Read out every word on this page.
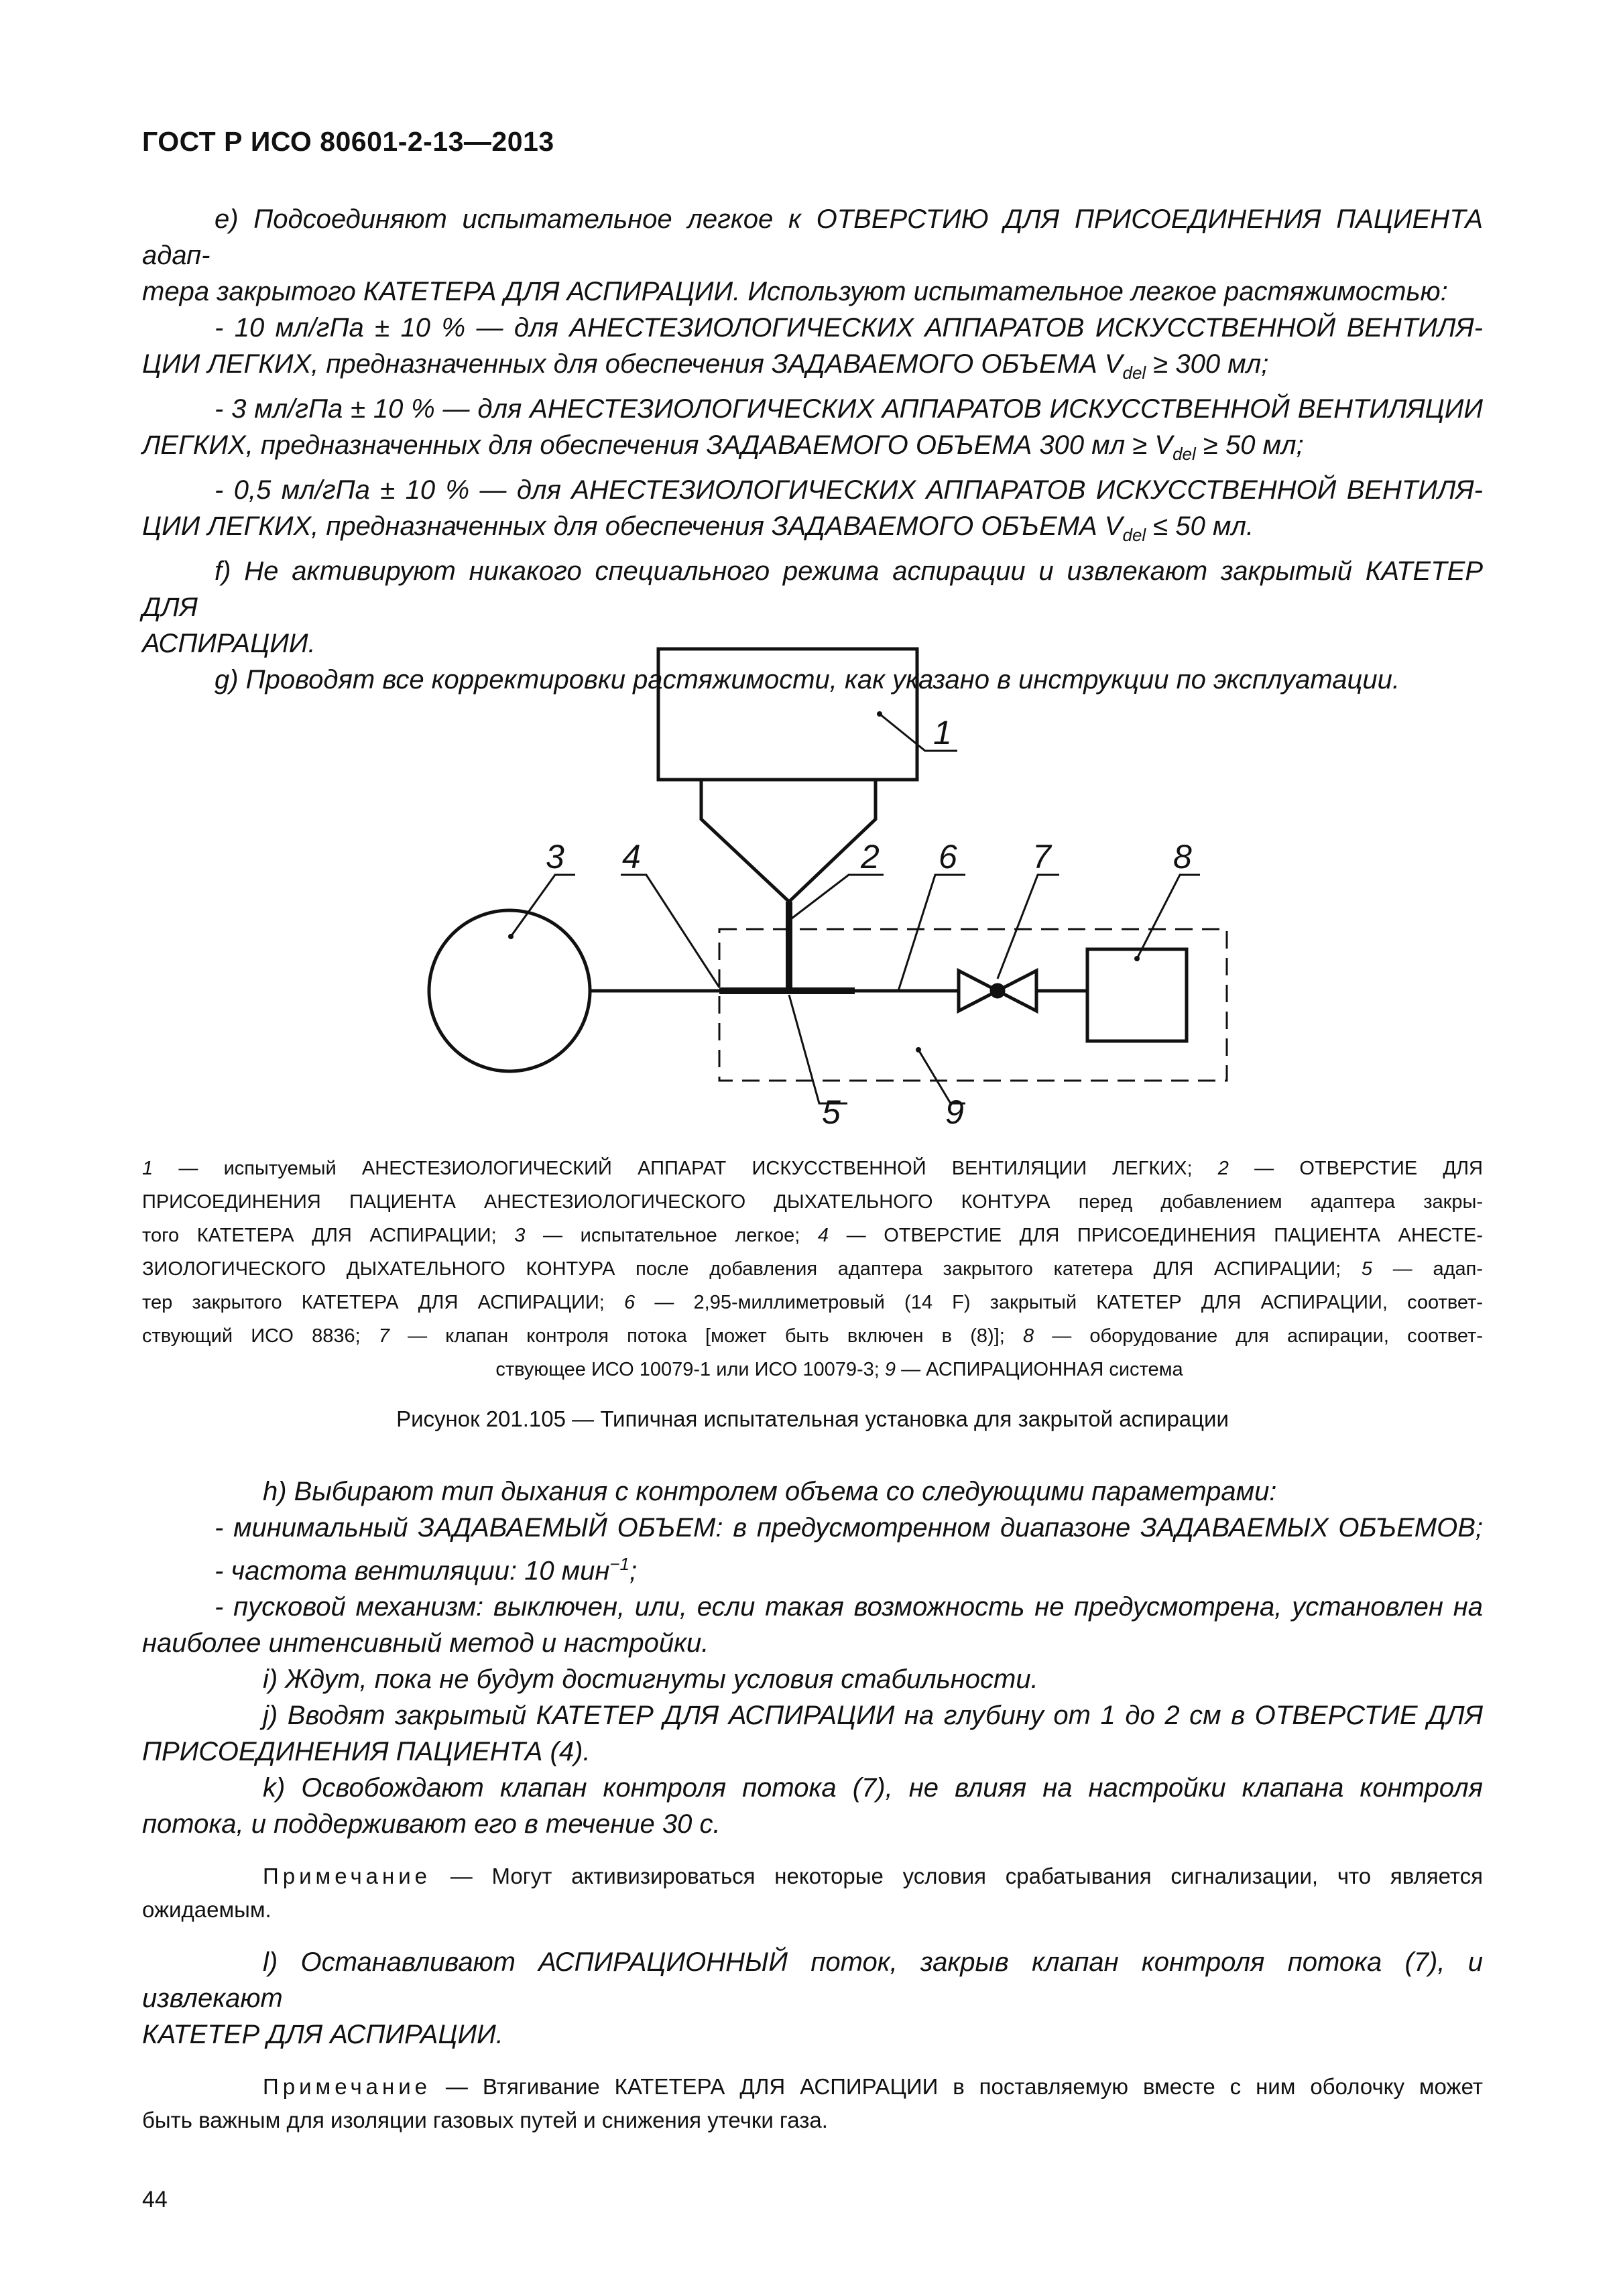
ГОСТ Р ИСО 80601-2-13—2013

е) Подсоединяют испытательное легкое к ОТВЕРСТИЮ ДЛЯ ПРИСОЕДИНЕНИЯ ПАЦИЕНТА адап-

тера закрытого КАТЕТЕРА ДЛЯ АСПИРАЦИИ. Используют испытательное легкое растяжимостью:

- 10 мл/гПа ± 10 % — для АНЕСТЕЗИОЛОГИЧЕСКИХ АППАРАТОВ ИСКУССТВЕННОЙ ВЕНТИЛЯ-

ЦИИ ЛЕГКИХ, предназначенных для обеспечения ЗАДАВАЕМОГО ОБЪЕМА $V_{del} \ge 300$ мл;

- 3 мл/гПа ± 10 % — для АНЕСТЕЗИОЛОГИЧЕСКИХ АППАРАТОВ ИСКУССТВЕННОЙ ВЕНТИЛЯЦИИ

ЛЕГКИХ, предназначенных для обеспечения ЗАДАВАЕМОГО ОБЪЕМА 300 мл ≥ $V_{del} \ge 50$ мл;

- 0,5 мл/гПа ± 10 % — для АНЕСТЕЗИОЛОГИЧЕСКИХ АППАРАТОВ ИСКУССТВЕННОЙ ВЕНТИЛЯ-

ЦИИ ЛЕГКИХ, предназначенных для обеспечения ЗАДАВАЕМОГО ОБЪЕМА $V_{del} \le 50$ мл.

f) Не активируют никакого специального режима аспирации и извлекают закрытый КАТЕТЕР ДЛЯ

АСПИРАЦИИ.

g) Проводят все корректировки растяжимости, как указано в инструкции по эксплуатации.

1
2
3 4
5
6 7	8
9

1 — испытуемый АНЕСТЕЗИОЛОГИЧЕСКИЙ АППАРАТ ИСКУССТВЕННОЙ ВЕНТИЛЯЦИИ ЛЕГКИХ; 2 — ОТВЕРСТИЕ ДЛЯ

ПРИСОЕДИНЕНИЯ ПАЦИЕНТА АНЕСТЕЗИОЛОГИЧЕСКОГО ДЫХАТЕЛЬНОГО КОНТУРА перед добавлением адаптера закры-

того КАТЕТЕРА ДЛЯ АСПИРАЦИИ; 3 — испытательное легкое; 4 — ОТВЕРСТИЕ ДЛЯ ПРИСОЕДИНЕНИЯ ПАЦИЕНТА АНЕСТЕ-

ЗИОЛОГИЧЕСКОГО ДЫХАТЕЛЬНОГО КОНТУРА после добавления адаптера закрытого катетера ДЛЯ АСПИРАЦИИ; 5 — адап-

тер закрытого КАТЕТЕРА ДЛЯ АСПИРАЦИИ; 6 — 2,95-миллиметровый (14 F) закрытый КАТЕТЕР ДЛЯ АСПИРАЦИИ, соответ-

ствующий ИСО 8836; 7 — клапан контроля потока [может быть включен в (8)]; 8 — оборудование для аспирации, соответ-

ствующее ИСО 10079-1 или ИСО 10079-3; 9 — АСПИРАЦИОННАЯ система

Рисунок 201.105 — Типичная испытательная установка для закрытой аспирации

h) Выбирают тип дыхания с контролем объема со следующими параметрами:

- минимальный ЗАДАВАЕМЫЙ ОБЪЕМ: в предусмотренном диапазоне ЗАДАВАЕМЫХ ОБЪЕМОВ;

- частота вентиляции: 10 мин$^{-1}$;

- пусковой механизм: выключен, или, если такая возможность не предусмотрена, установлен на

наиболее интенсивный метод и настройки.

i) Ждут, пока не будут достигнуты условия стабильности.

j) Вводят закрытый КАТЕТЕР ДЛЯ АСПИРАЦИИ на глубину от 1 до 2 см в ОТВЕРСТИЕ ДЛЯ

ПРИСОЕДИНЕНИЯ ПАЦИЕНТА (4).

k) Освобождают клапан контроля потока (7), не влияя на настройки клапана контроля

потока, и поддерживают его в течение 30 с.

Примечание — Могут активизироваться некоторые условия срабатывания сигнализации, что является

ожидаемым.

l) Останавливают АСПИРАЦИОННЫЙ поток, закрыв клапан контроля потока (7), и извлекают

КАТЕТЕР ДЛЯ АСПИРАЦИИ.

Примечание — Втягивание КАТЕТЕРА ДЛЯ АСПИРАЦИИ в поставляемую вместе с ним оболочку может

быть важным для изоляции газовых путей и снижения утечки газа.

44
